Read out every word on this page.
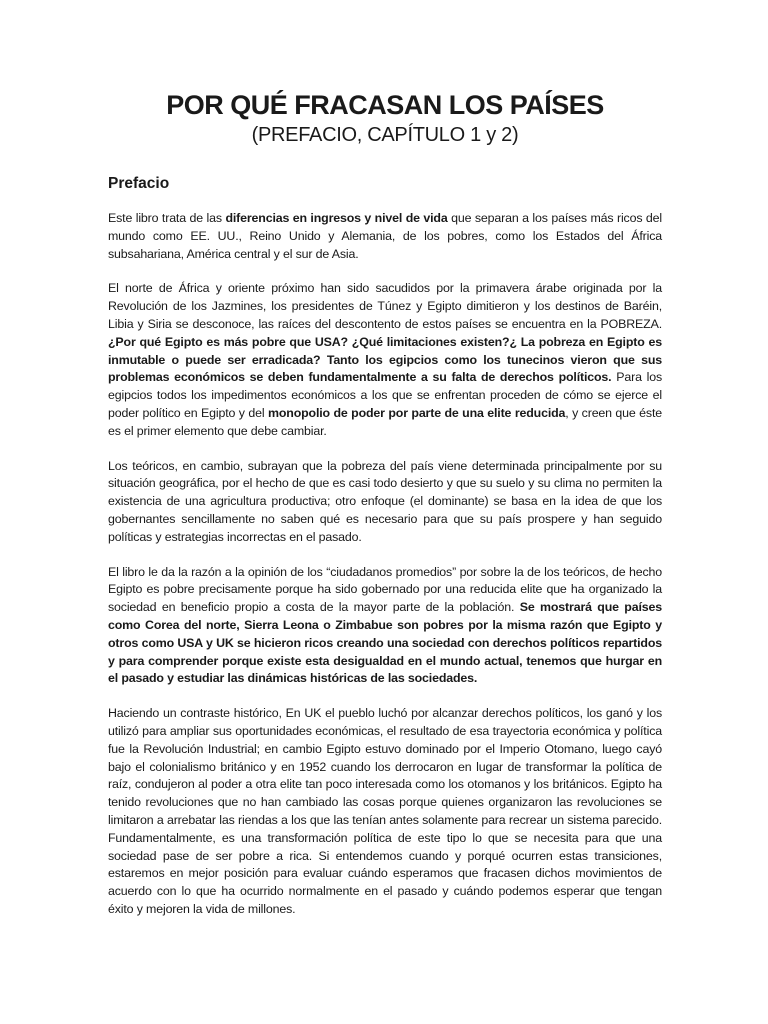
POR QUÉ FRACASAN LOS PAÍSES
(PREFACIO, CAPÍTULO 1 y 2)
Prefacio

Este libro trata de las diferencias en ingresos y nivel de vida que separan a los países más ricos del mundo como EE. UU., Reino Unido y Alemania, de los pobres, como los Estados del África subsahariana, América central y el sur de Asia.

El norte de África y oriente próximo han sido sacudidos por la primavera árabe originada por la Revolución de los Jazmines, los presidentes de Túnez y Egipto dimitieron y los destinos de Baréin, Libia y Siria se desconoce, las raíces del descontento de estos países se encuentra en la POBREZA. ¿Por qué Egipto es más pobre que USA? ¿Qué limitaciones existen?¿ La pobreza en Egipto es inmutable o puede ser erradicada? Tanto los egipcios como los tunecinos vieron que sus problemas económicos se deben fundamentalmente a su falta de derechos políticos. Para los egipcios todos los impedimentos económicos a los que se enfrentan proceden de cómo se ejerce el poder político en Egipto y del monopolio de poder por parte de una elite reducida, y creen que éste es el primer elemento que debe cambiar.

Los teóricos, en cambio, subrayan que la pobreza del país viene determinada principalmente por su situación geográfica, por el hecho de que es casi todo desierto y que su suelo y su clima no permiten la existencia de una agricultura productiva; otro enfoque (el dominante) se basa en la idea de que los gobernantes sencillamente no saben qué es necesario para que su país prospere y han seguido políticas y estrategias incorrectas en el pasado.

El libro le da la razón a la opinión de los “ciudadanos promedios” por sobre la de los teóricos, de hecho Egipto es pobre precisamente porque ha sido gobernado por una reducida elite que ha organizado la sociedad en beneficio propio a costa de la mayor parte de la población. Se mostrará que países como Corea del norte, Sierra Leona o Zimbabue son pobres por la misma razón que Egipto y otros como USA y UK se hicieron ricos creando una sociedad con derechos políticos repartidos y para comprender porque existe esta desigualdad en el mundo actual, tenemos que hurgar en el pasado y estudiar las dinámicas históricas de las sociedades.

Haciendo un contraste histórico, En UK el pueblo luchó por alcanzar derechos políticos, los ganó y los utilizó para ampliar sus oportunidades económicas, el resultado de esa trayectoria económica y política fue la Revolución Industrial; en cambio Egipto estuvo dominado por el Imperio Otomano, luego cayó bajo el colonialismo británico y en 1952 cuando los derrocaron en lugar de transformar la política de raíz, condujeron al poder a otra elite tan poco interesada como los otomanos y los británicos. Egipto ha tenido revoluciones que no han cambiado las cosas porque quienes organizaron las revoluciones se limitaron a arrebatar las riendas a los que las tenían antes solamente para recrear un sistema parecido. Fundamentalmente, es una transformación política de este tipo lo que se necesita para que una sociedad pase de ser pobre a rica. Si entendemos cuando y porqué ocurren estas transiciones, estaremos en mejor posición para evaluar cuándo esperamos que fracasen dichos movimientos de acuerdo con lo que ha ocurrido normalmente en el pasado y cuándo podemos esperar que tengan éxito y mejoren la vida de millones.
